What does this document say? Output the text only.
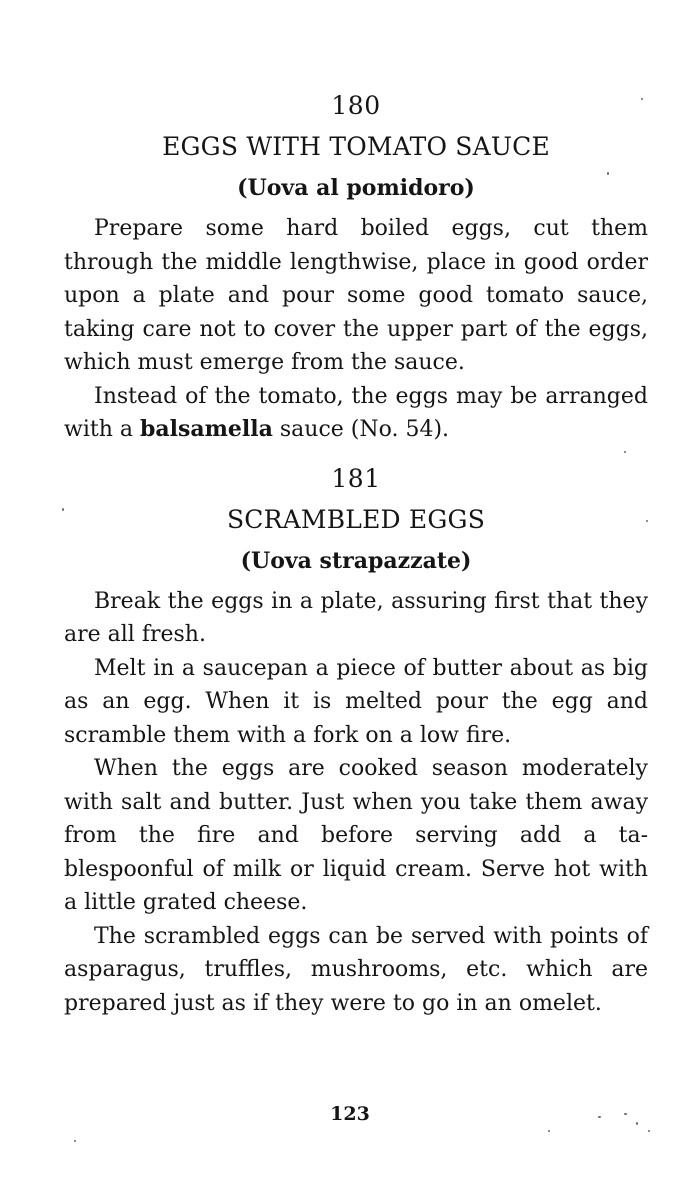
180

EGGS WITH TOMATO SAUCE
(Uova al pomidoro)

Prepare some hard boiled eggs, cut them through the middle lengthwise, place in good order upon a plate and pour some good tomato sauce, taking care not to cover the upper part of the eggs, which must emerge from the sauce.

Instead of the tomato, the eggs may be arranged with a balsamella sauce (No. 54).

181

SCRAMBLED EGGS
(Uova strapazzate)

Break the eggs in a plate, assuring first that they are all fresh.

Melt in a saucepan a piece of butter about as big as an egg. When it is melted pour the egg and scramble them with a fork on a low fire.

When the eggs are cooked season moderately with salt and butter. Just when you take them away from the fire and before serving add a tablespoonful of milk or liquid cream. Serve hot with a little grated cheese.

The scrambled eggs can be served with points of asparagus, truffles, mushrooms, etc. which are prepared just as if they were to go in an omelet.

123
